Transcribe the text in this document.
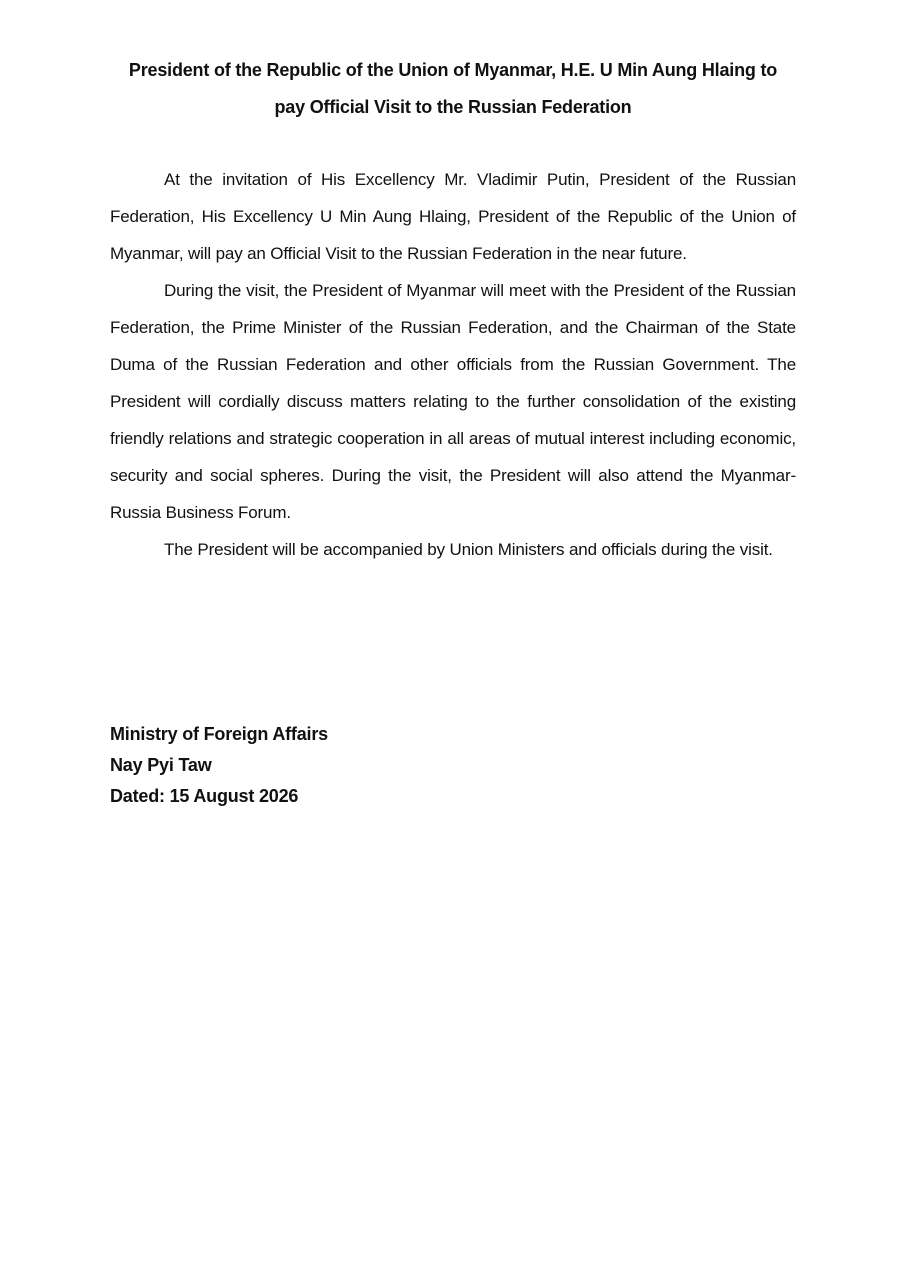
President of the Republic of the Union of Myanmar, H.E. U Min Aung Hlaing to
pay Official Visit to the Russian Federation

At the invitation of His Excellency Mr. Vladimir Putin, President of the Russian Federation, His Excellency U Min Aung Hlaing, President of the Republic of the Union of Myanmar, will pay an Official Visit to the Russian Federation in the near future.

During the visit, the President of Myanmar will meet with the President of the Russian Federation, the Prime Minister of the Russian Federation, and the Chairman of the State Duma of the Russian Federation and other officials from the Russian Government. The President will cordially discuss matters relating to the further consolidation of the existing friendly relations and strategic cooperation in all areas of mutual interest including economic, security and social spheres. During the visit, the President will also attend the Myanmar-Russia Business Forum.

The President will be accompanied by Union Ministers and officials during the visit.

Ministry of Foreign Affairs
Nay Pyi Taw
Dated: 15 August 2026
